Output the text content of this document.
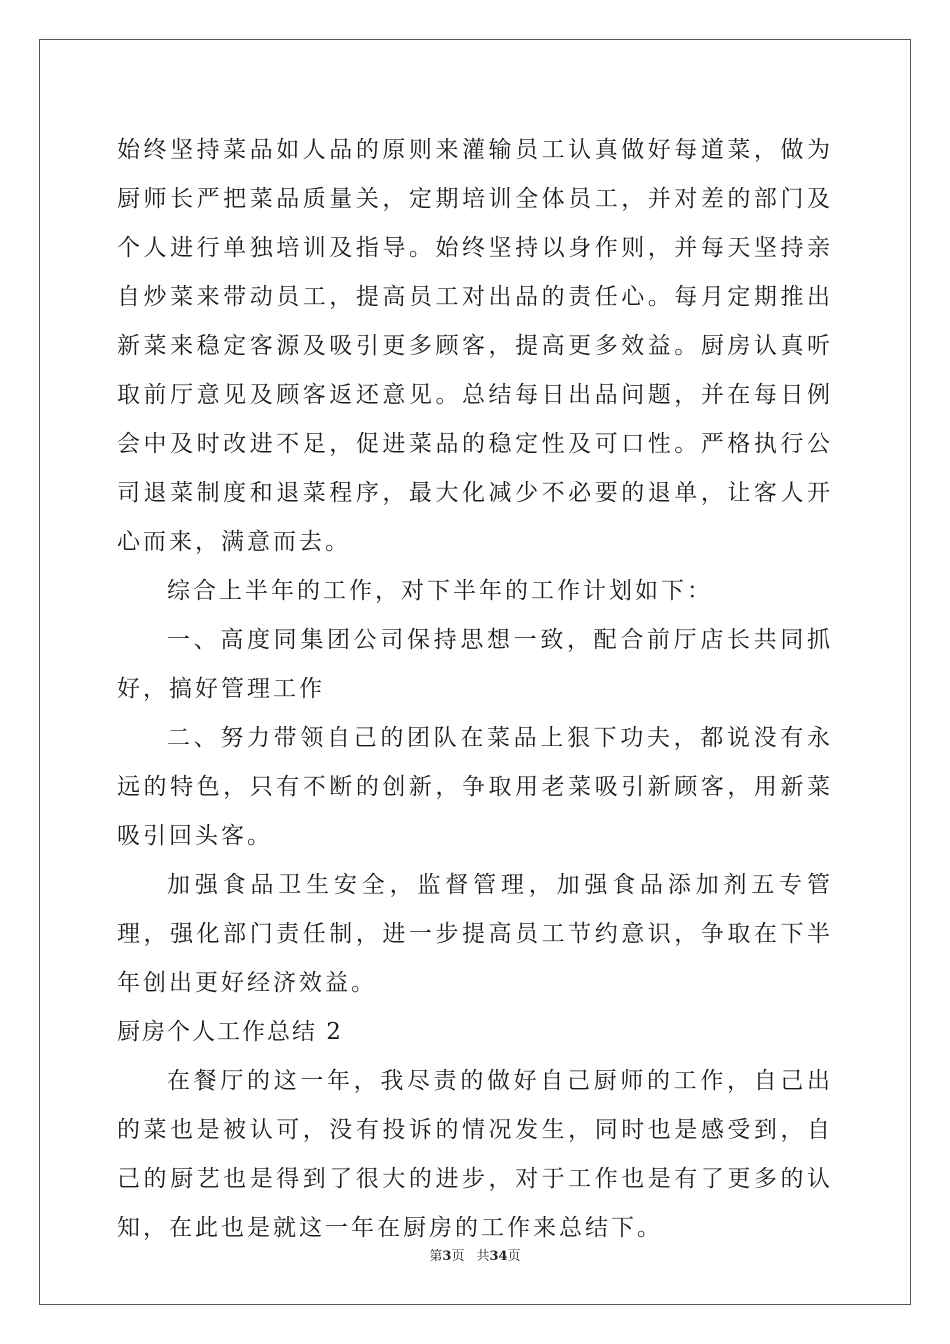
始终坚持菜品如人品的原则来灌输员工认真做好每道菜，做为厨师长严把菜品质量关，定期培训全体员工，并对差的部门及个人进行单独培训及指导。始终坚持以身作则，并每天坚持亲自炒菜来带动员工，提高员工对出品的责任心。每月定期推出新菜来稳定客源及吸引更多顾客，提高更多效益。厨房认真听取前厅意见及顾客返还意见。总结每日出品问题，并在每日例会中及时改进不足，促进菜品的稳定性及可口性。严格执行公司退菜制度和退菜程序，最大化减少不必要的退单，让客人开心而来，满意而去。

综合上半年的工作，对下半年的工作计划如下：

一、高度同集团公司保持思想一致，配合前厅店长共同抓好，搞好管理工作

二、努力带领自己的团队在菜品上狠下功夫，都说没有永远的特色，只有不断的创新，争取用老菜吸引新顾客，用新菜吸引回头客。

加强食品卫生安全，监督管理，加强食品添加剂五专管理，强化部门责任制，进一步提高员工节约意识，争取在下半年创出更好经济效益。

厨房个人工作总结 2

在餐厅的这一年，我尽责的做好自己厨师的工作，自己出的菜也是被认可，没有投诉的情况发生，同时也是感受到，自己的厨艺也是得到了很大的进步，对于工作也是有了更多的认知，在此也是就这一年在厨房的工作来总结下。

第3页 共34页
